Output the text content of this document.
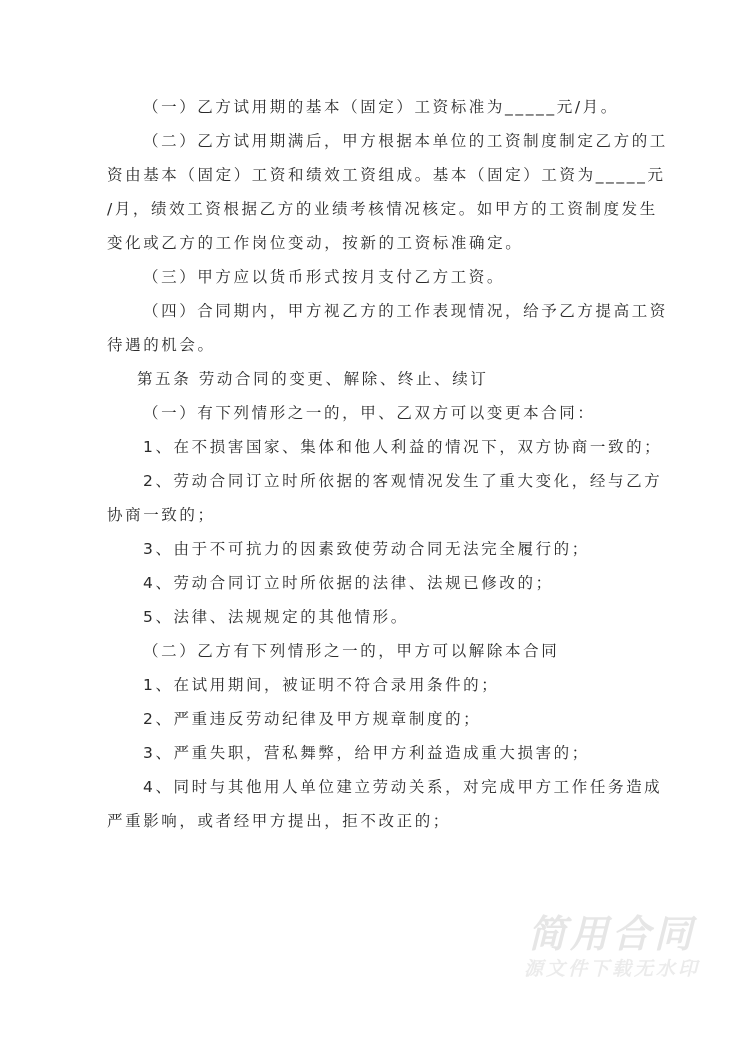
（一）乙方试用期的基本（固定）工资标准为_____元/月。

（二）乙方试用期满后，甲方根据本单位的工资制度制定乙方的工

资由基本（固定）工资和绩效工资组成。基本（固定）工资为_____元

/月，绩效工资根据乙方的业绩考核情况核定。如甲方的工资制度发生

变化或乙方的工作岗位变动，按新的工资标准确定。

（三）甲方应以货币形式按月支付乙方工资。

（四）合同期内，甲方视乙方的工作表现情况，给予乙方提高工资

待遇的机会。

第五条 劳动合同的变更、解除、终止、续订

（一）有下列情形之一的，甲、乙双方可以变更本合同：

1、在不损害国家、集体和他人利益的情况下，双方协商一致的；

2、劳动合同订立时所依据的客观情况发生了重大变化，经与乙方

协商一致的；

3、由于不可抗力的因素致使劳动合同无法完全履行的；

4、劳动合同订立时所依据的法律、法规已修改的；

5、法律、法规规定的其他情形。

（二）乙方有下列情形之一的，甲方可以解除本合同

1、在试用期间，被证明不符合录用条件的；

2、严重违反劳动纪律及甲方规章制度的；

3、严重失职，营私舞弊，给甲方利益造成重大损害的；

4、同时与其他用人单位建立劳动关系，对完成甲方工作任务造成

严重影响，或者经甲方提出，拒不改正的；

简用合同
源文件下载无水印
